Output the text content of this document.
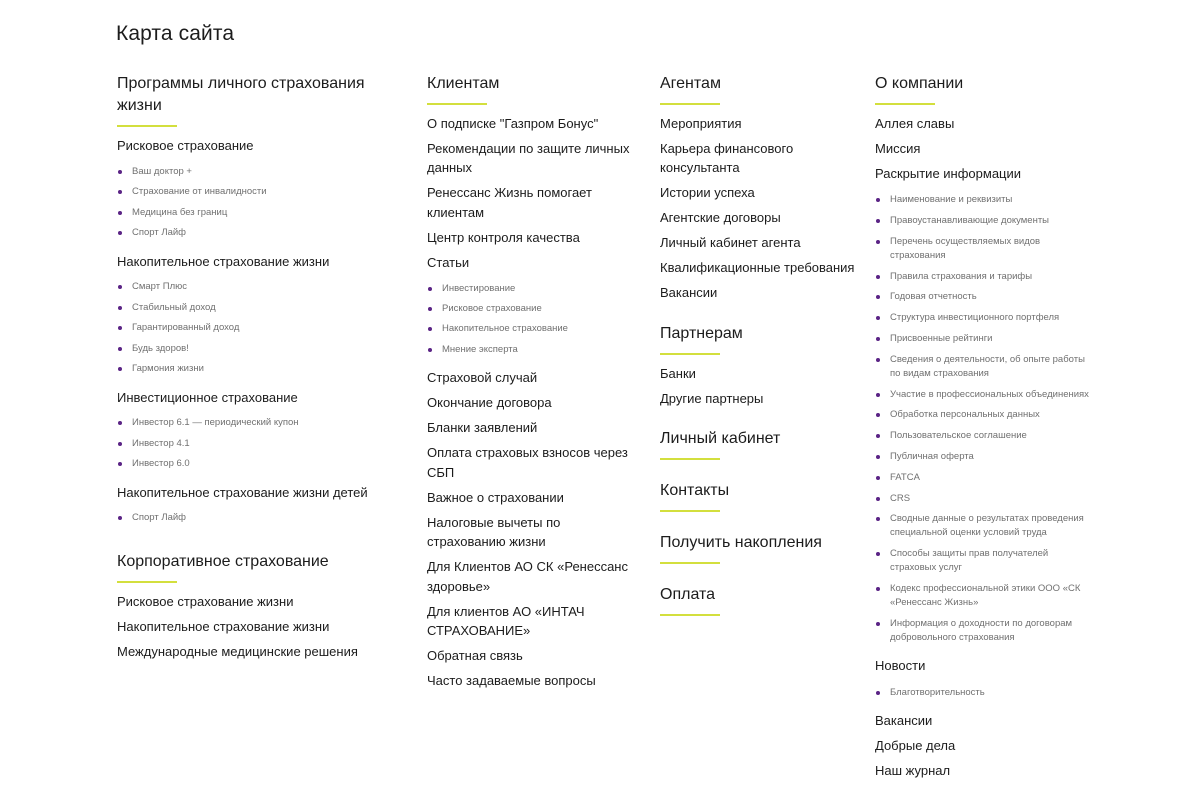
Карта сайта
Программы личного страхования жизни
Рисковое страхование
Ваш доктор +
Страхование от инвалидности
Медицина без границ
Спорт Лайф
Накопительное страхование жизни
Смарт Плюс
Стабильный доход
Гарантированный доход
Будь здоров!
Гармония жизни
Инвестиционное страхование
Инвестор 6.1 — периодический купон
Инвестор 4.1
Инвестор 6.0
Накопительное страхование жизни детей
Спорт Лайф
Корпоративное страхование
Рисковое страхование жизни
Накопительное страхование жизни
Международные медицинские решения
Клиентам
О подписке "Газпром Бонус"
Рекомендации по защите личных данных
Ренессанс Жизнь помогает клиентам
Центр контроля качества
Статьи
Инвестирование
Рисковое страхование
Накопительное страхование
Мнение эксперта
Страховой случай
Окончание договора
Бланки заявлений
Оплата страховых взносов через СБП
Важное о страховании
Налоговые вычеты по страхованию жизни
Для Клиентов АО СК «Ренессанс здоровье»
Для клиентов АО «ИНТАЧ СТРАХОВАНИЕ»
Обратная связь
Часто задаваемые вопросы
Агентам
Мероприятия
Карьера финансового консультанта
Истории успеха
Агентские договоры
Личный кабинет агента
Квалификационные требования
Вакансии
Партнерам
Банки
Другие партнеры
Личный кабинет
Контакты
Получить накопления
Оплата
О компании
Аллея славы
Миссия
Раскрытие информации
Наименование и реквизиты
Правоустанавливающие документы
Перечень осуществляемых видов страхования
Правила страхования и тарифы
Годовая отчетность
Структура инвестиционного портфеля
Присвоенные рейтинги
Сведения о деятельности, об опыте работы по видам страхования
Участие в профессиональных объединениях
Обработка персональных данных
Пользовательское соглашение
Публичная оферта
FATCA
CRS
Сводные данные о результатах проведения специальной оценки условий труда
Способы защиты прав получателей страховых услуг
Кодекс профессиональной этики ООО «СК «Ренессанс Жизнь»
Информация о доходности по договорам добровольного страхования
Новости
Благотворительность
Вакансии
Добрые дела
Наш журнал
